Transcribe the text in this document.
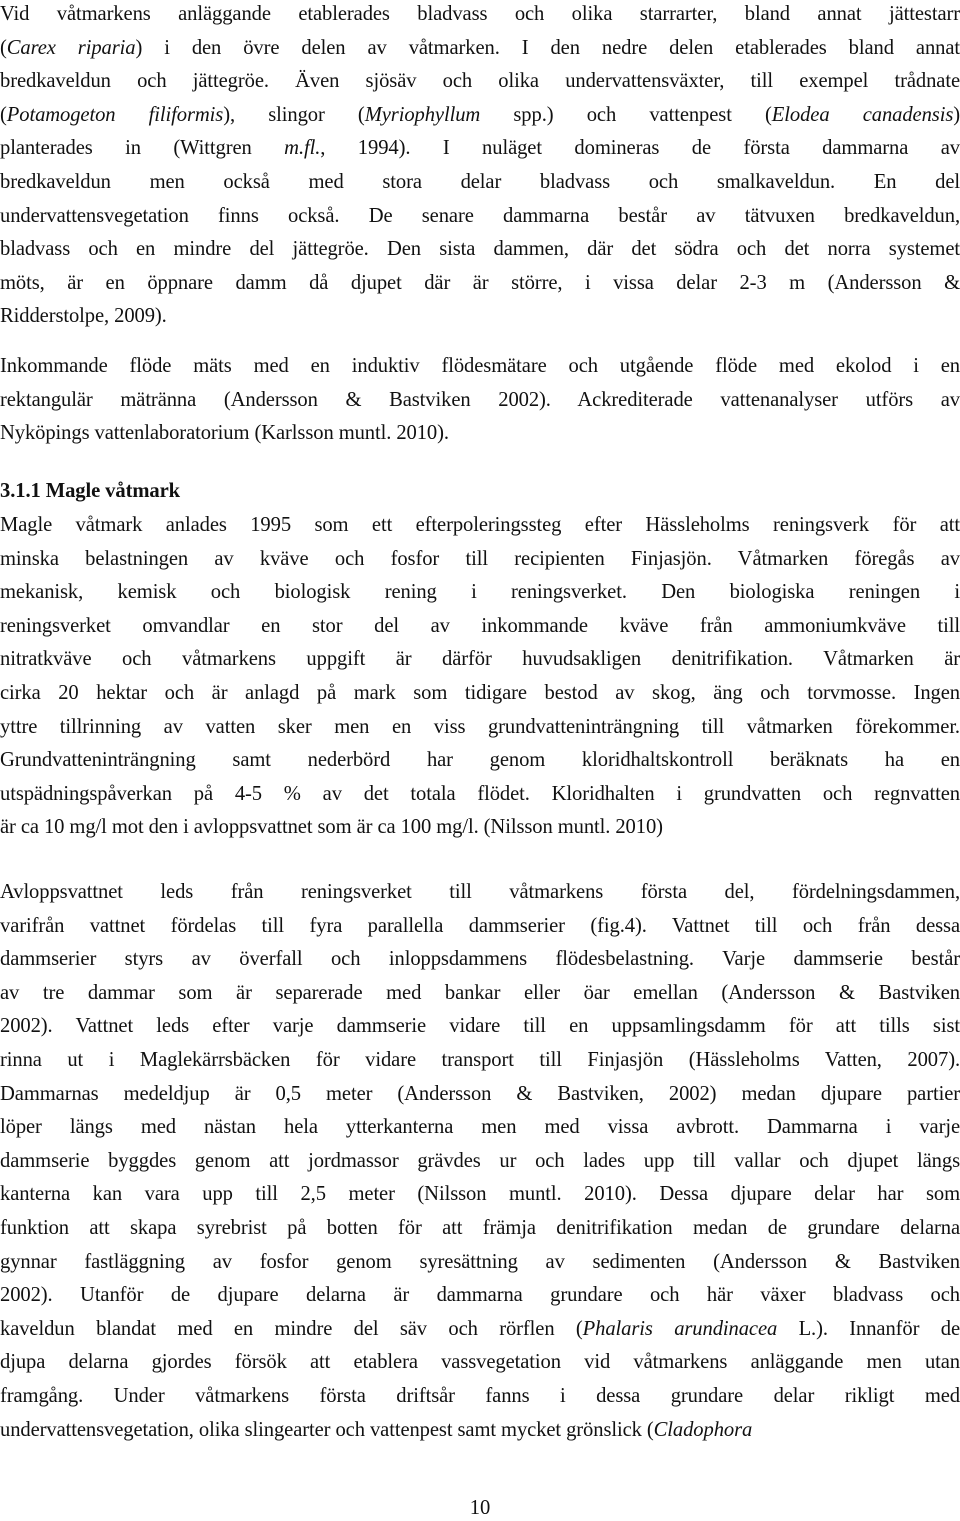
Vid våtmarkens anläggande etablerades bladvass och olika starrarter, bland annat jättestarr
(Carex riparia) i den övre delen av våtmarken. I den nedre delen etablerades bland annat
bredkaveldun och jättegröe. Även sjösäv och olika undervattensväxter, till exempel trådnate
(Potamogeton filiformis), slingor (Myriophyllum spp.) och vattenpest (Elodea canadensis)
planterades in (Wittgren m.fl., 1994). I nuläget domineras de första dammarna av
bredkaveldun men också med stora delar bladvass och smalkaveldun. En del
undervattensvegetation finns också. De senare dammarna består av tätvuxen bredkaveldun,
bladvass och en mindre del jättegröe. Den sista dammen, där det södra och det norra systemet
möts, är en öppnare damm då djupet där är större, i vissa delar 2-3 m (Andersson &
Ridderstolpe, 2009).
Inkommande flöde mäts med en induktiv flödesmätare och utgående flöde med ekolod i en
rektangulär mätränna (Andersson & Bastviken 2002). Ackrediterade vattenanalyser utförs av
Nyköpings vattenlaboratorium (Karlsson muntl. 2010).
3.1.1 Magle våtmark
Magle våtmark anlades 1995 som ett efterpoleringssteg efter Hässleholms reningsverk för att
minska belastningen av kväve och fosfor till recipienten Finjasjön. Våtmarken föregås av
mekanisk, kemisk och biologisk rening i reningsverket. Den biologiska reningen i
reningsverket omvandlar en stor del av inkommande kväve från ammoniumkväve till
nitratkväve och våtmarkens uppgift är därför huvudsakligen denitrifikation. Våtmarken är
cirka 20 hektar och är anlagd på mark som tidigare bestod av skog, äng och torvmosse. Ingen
yttre tillrinning av vatten sker men en viss grundvatteninträngning till våtmarken förekommer.
Grundvatteninträngning samt nederbörd har genom kloridhaltskontroll beräknats ha en
utspädningspåverkan på 4-5 % av det totala flödet. Kloridhalten i grundvatten och regnvatten
är ca 10 mg/l mot den i avloppsvattnet som är ca 100 mg/l. (Nilsson muntl. 2010)
Avloppsvattnet leds från reningsverket till våtmarkens första del, fördelningsdammen,
varifrån vattnet fördelas till fyra parallella dammserier (fig.4). Vattnet till och från dessa
dammserier styrs av överfall och inloppsdammens flödesbelastning. Varje dammserie består
av tre dammar som är separerade med bankar eller öar emellan (Andersson & Bastviken
2002). Vattnet leds efter varje dammserie vidare till en uppsamlingsdamm för att tills sist
rinna ut i Maglekärrsbäcken för vidare transport till Finjasjön (Hässleholms Vatten, 2007).
Dammarnas medeldjup är 0,5 meter (Andersson & Bastviken, 2002) medan djupare partier
löper längs med nästan hela ytterkanterna men med vissa avbrott. Dammarna i varje
dammserie byggdes genom att jordmassor grävdes ur och lades upp till vallar och djupet längs
kanterna kan vara upp till 2,5 meter (Nilsson muntl. 2010). Dessa djupare delar har som
funktion att skapa syrebrist på botten för att främja denitrifikation medan de grundare delarna
gynnar fastläggning av fosfor genom syresättning av sedimenten (Andersson & Bastviken
2002). Utanför de djupare delarna är dammarna grundare och här växer bladvass och
kaveldun blandat med en mindre del säv och rörflen (Phalaris arundinacea L.). Innanför de
djupa delarna gjordes försök att etablera vassvegetation vid våtmarkens anläggande men utan
framgång. Under våtmarkens första driftsår fanns i dessa grundare delar rikligt med
undervattensvegetation, olika slingearter och vattenpest samt mycket grönslick (Cladophora
10
